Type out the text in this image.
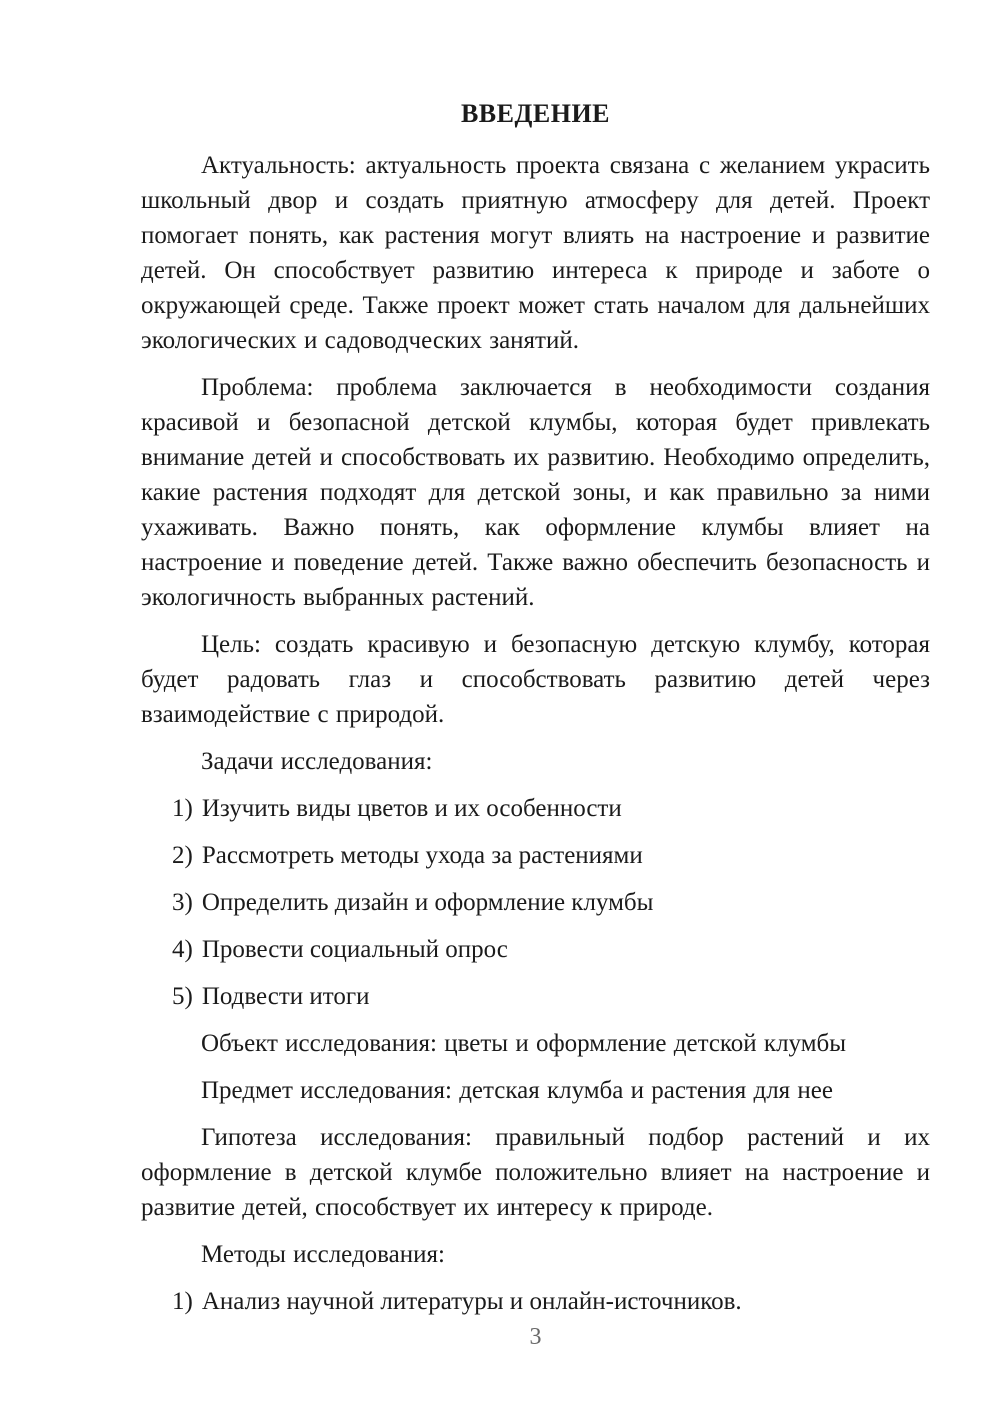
ВВЕДЕНИЕ

Актуальность: актуальность проекта связана с желанием украсить школьный двор и создать приятную атмосферу для детей. Проект помогает понять, как растения могут влиять на настроение и развитие детей. Он способствует развитию интереса к природе и заботе о окружающей среде. Также проект может стать началом для дальнейших экологических и садоводческих занятий.

Проблема: проблема заключается в необходимости создания красивой и безопасной детской клумбы, которая будет привлекать внимание детей и способствовать их развитию. Необходимо определить, какие растения подходят для детской зоны, и как правильно за ними ухаживать. Важно понять, как оформление клумбы влияет на настроение и поведение детей. Также важно обеспечить безопасность и экологичность выбранных растений.

Цель: создать красивую и безопасную детскую клумбу, которая будет радовать глаз и способствовать развитию детей через взаимодействие с природой.

Задачи исследования:

1) Изучить виды цветов и их особенности

2) Рассмотреть методы ухода за растениями

3) Определить дизайн и оформление клумбы

4) Провести социальный опрос

5) Подвести итоги

Объект исследования: цветы и оформление детской клумбы

Предмет исследования: детская клумба и растения для нее

Гипотеза исследования: правильный подбор растений и их оформление в детской клумбе положительно влияет на настроение и развитие детей, способствует их интересу к природе.

Методы исследования:

1) Анализ научной литературы и онлайн-источников.

3
